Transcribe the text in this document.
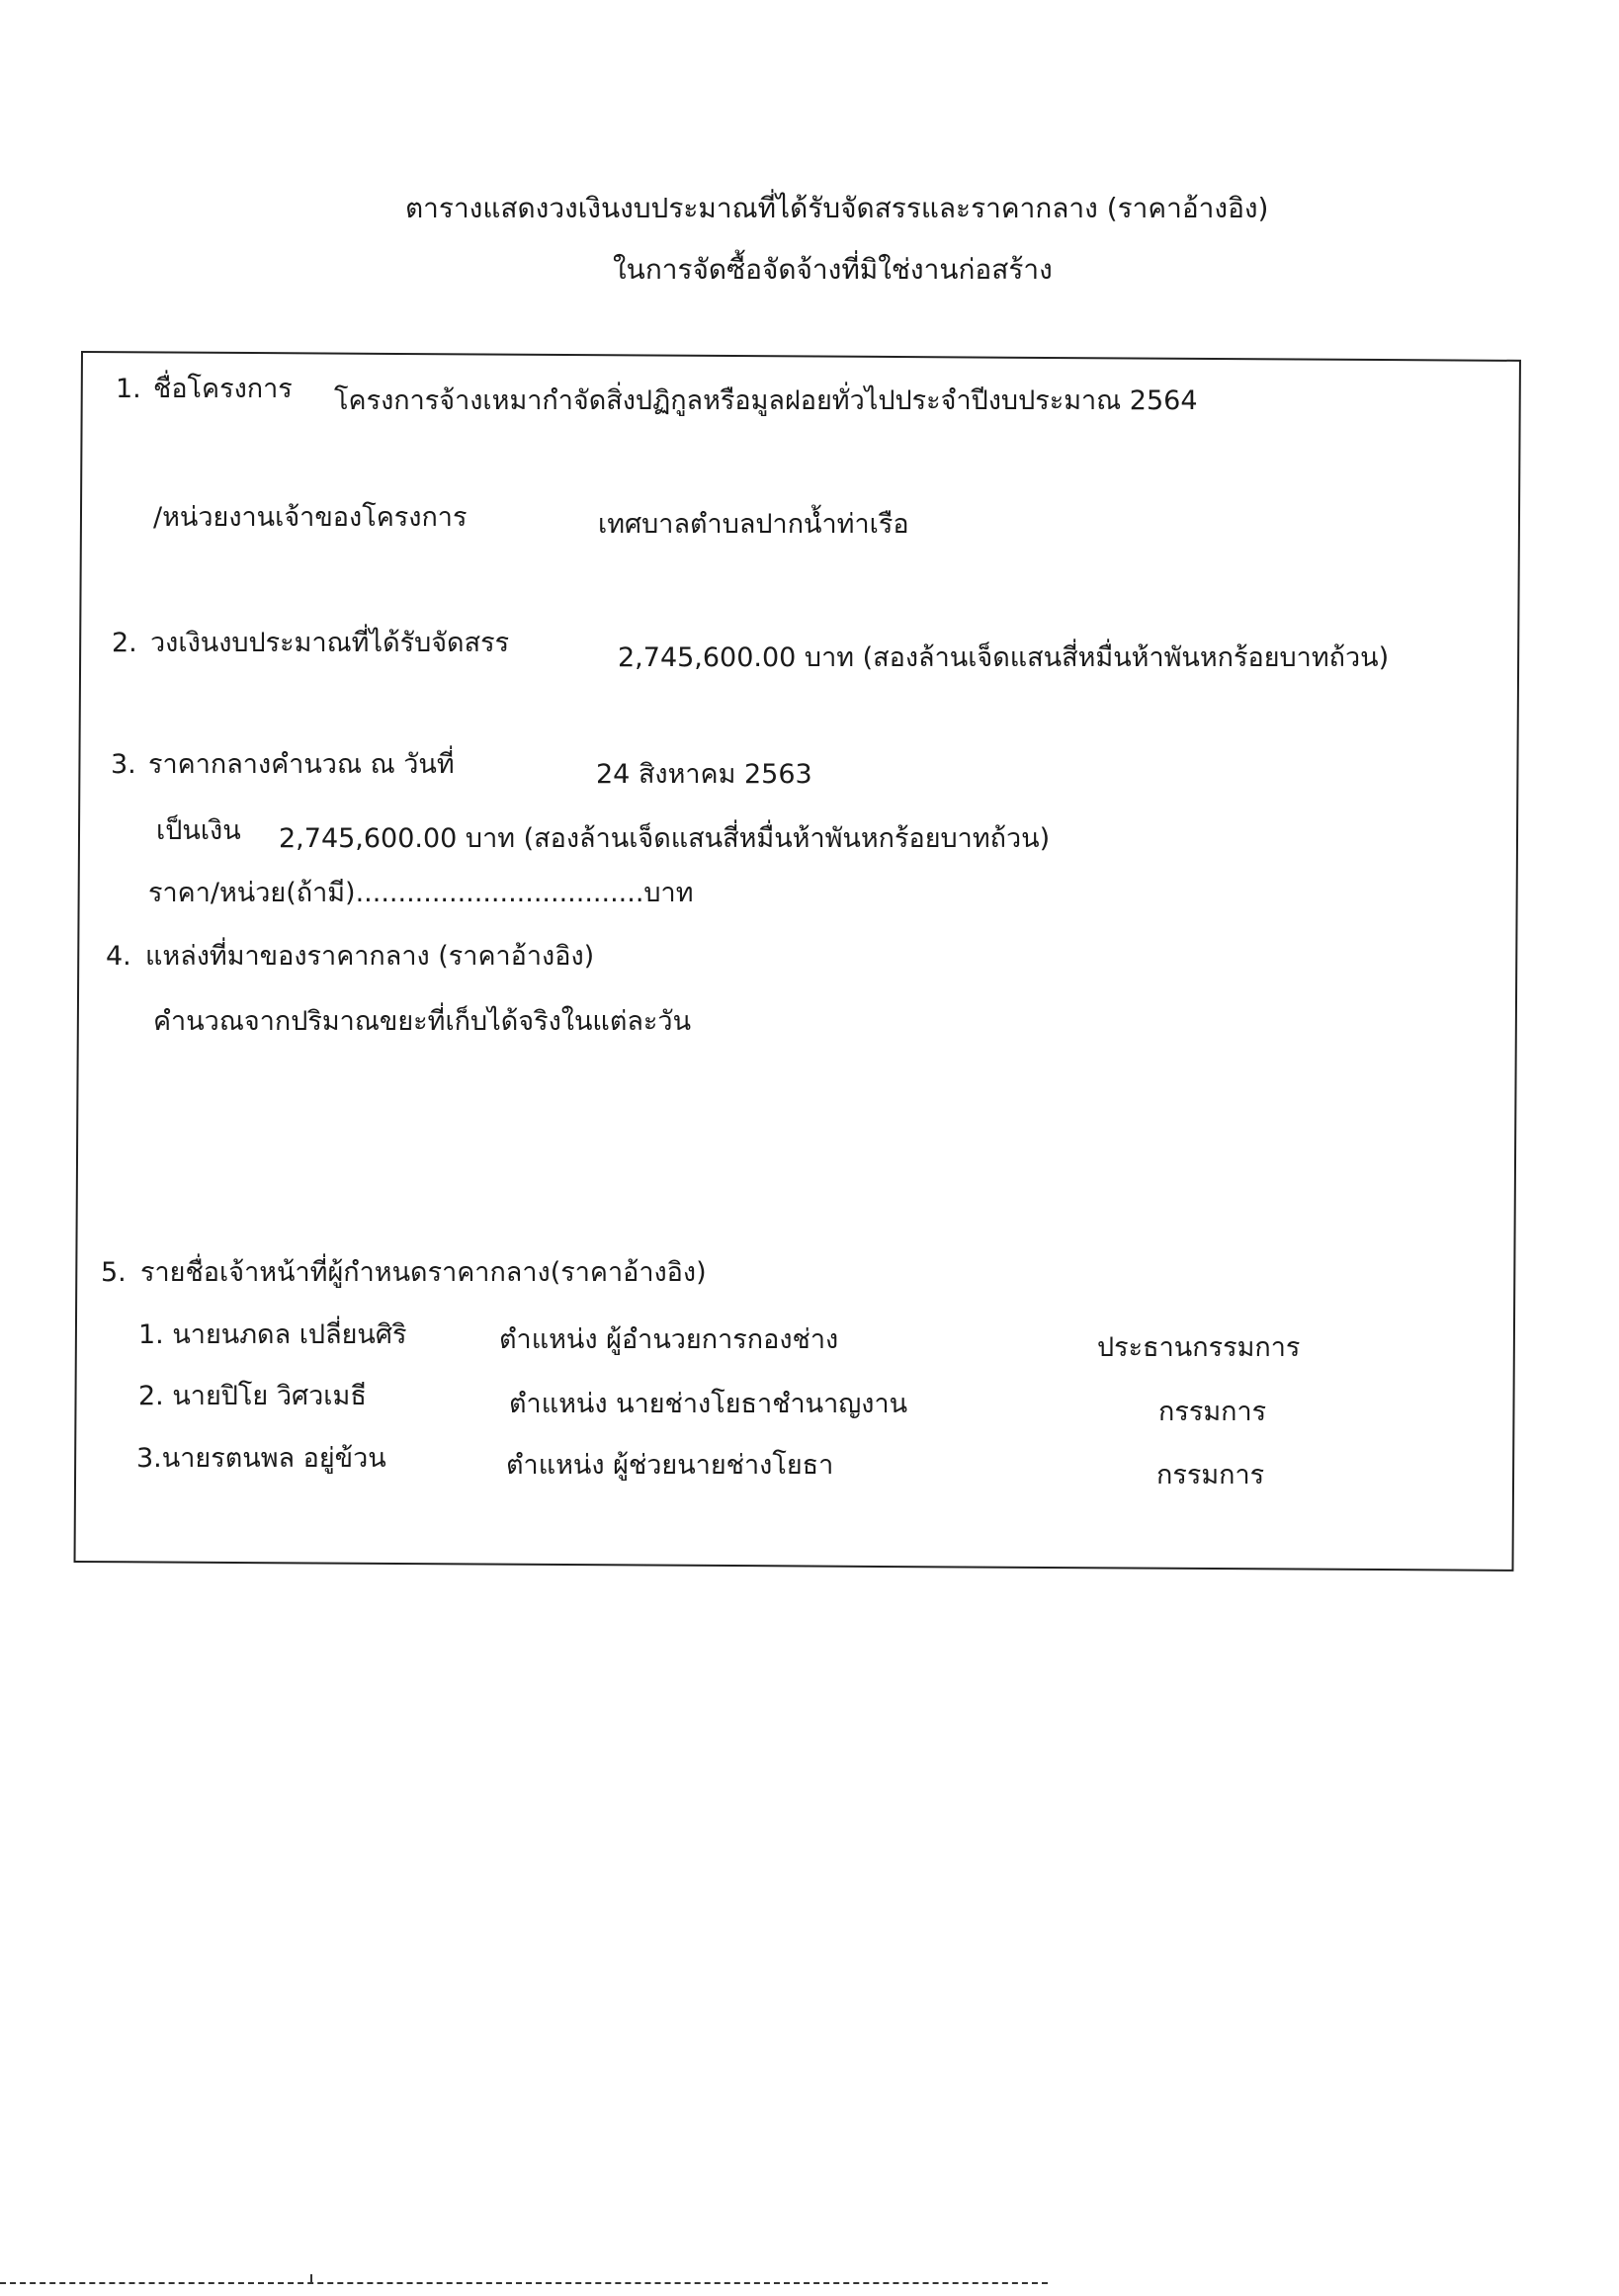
ตารางแสดงวงเงินงบประมาณที่ได้รับจัดสรรและราคากลาง (ราคาอ้างอิง)
ในการจัดซื้อจัดจ้างที่มิใช่งานก่อสร้าง
1. ชื่อโครงการ โครงการจ้างเหมากำจัดสิ่งปฏิกูลหรือมูลฝอยทั่วไปประจำปีงบประมาณ 2564
/หน่วยงานเจ้าของโครงการ	เทศบาลตำบลปากน้ำท่าเรือ
2. วงเงินงบประมาณที่ได้รับจัดสรร	2,745,600.00 บาท (สองล้านเจ็ดแสนสี่หมื่นห้าพันหกร้อยบาทถ้วน)
3. ราคากลางคำนวณ ณ วันที่	24 สิงหาคม 2563
เป็นเงิน 2,745,600.00 บาท (สองล้านเจ็ดแสนสี่หมื่นห้าพันหกร้อยบาทถ้วน)
ราคา/หน่วย(ถ้ามี)..................................บาท
4. แหล่งที่มาของราคากลาง (ราคาอ้างอิง)
คำนวณจากปริมาณขยะที่เก็บได้จริงในแต่ละวัน
5. รายชื่อเจ้าหน้าที่ผู้กำหนดราคากลาง(ราคาอ้างอิง)
1. นายนภดล เปลี่ยนศิริ	ตำแหน่ง ผู้อำนวยการกองช่าง	ประธานกรรมการ
2. นายปิโย วิศวเมธี	ตำแหน่ง นายช่างโยธาชำนาญงาน	กรรมการ
3.นายรตนพล อยู่ข้วน	ตำแหน่ง ผู้ช่วยนายช่างโยธา	กรรมการ
